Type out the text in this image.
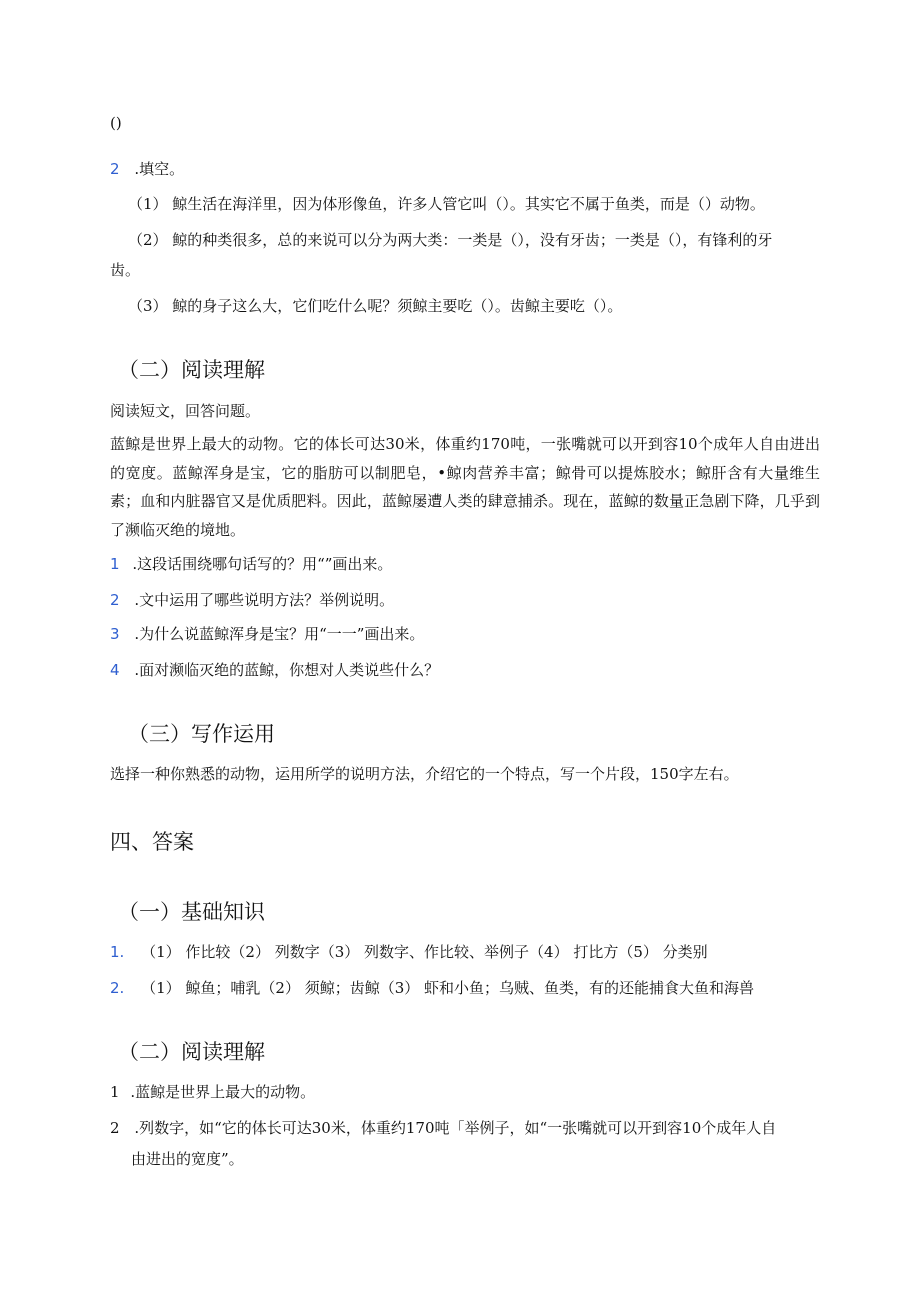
()
2 .填空。
（1） 鲸生活在海洋里，因为体形像鱼，许多人管它叫（）。其实它不属于鱼类，而是（）动物。
（2） 鲸的种类很多，总的来说可以分为两大类：一类是（），没有牙齿；一类是（），有锋利的牙
齿。
（3） 鲸的身子这么大，它们吃什么呢？须鲸主要吃（）。齿鲸主要吃（）。
（二）阅读理解
阅读短文，回答问题。
蓝鲸是世界上最大的动物。它的体长可达30米，体重约170吨，一张嘴就可以开到容10个成年人自由进出的宽度。蓝鲸浑身是宝，它的脂肪可以制肥皂，•鲸肉营养丰富；鲸骨可以提炼胶水；鲸肝含有大量维生素；血和内脏器官又是优质肥料。因此，蓝鲸屡遭人类的肆意捕杀。现在，蓝鲸的数量正急剧下降，几乎到了濒临灭绝的境地。
1 .这段话围绕哪句话写的？用“”画出来。
2 .文中运用了哪些说明方法？举例说明。
3 .为什么说蓝鲸浑身是宝？用“一一”画出来。
4 .面对濒临灭绝的蓝鲸，你想对人类说些什么？
（三）写作运用
选择一种你熟悉的动物，运用所学的说明方法，介绍它的一个特点，写一个片段，150字左右。
四、答案
（一）基础知识
1. （1） 作比较（2） 列数字（3） 列数字、作比较、举例子（4） 打比方（5） 分类别
2. （1） 鲸鱼；哺乳（2） 须鲸；齿鲸（3） 虾和小鱼；乌贼、鱼类，有的还能捕食大鱼和海兽
（二）阅读理解
1 .蓝鲸是世界上最大的动物。
2 .列数字，如“它的体长可达30米，体重约170吨「举例子，如“一张嘴就可以开到容10个成年人自
由进出的宽度”。
